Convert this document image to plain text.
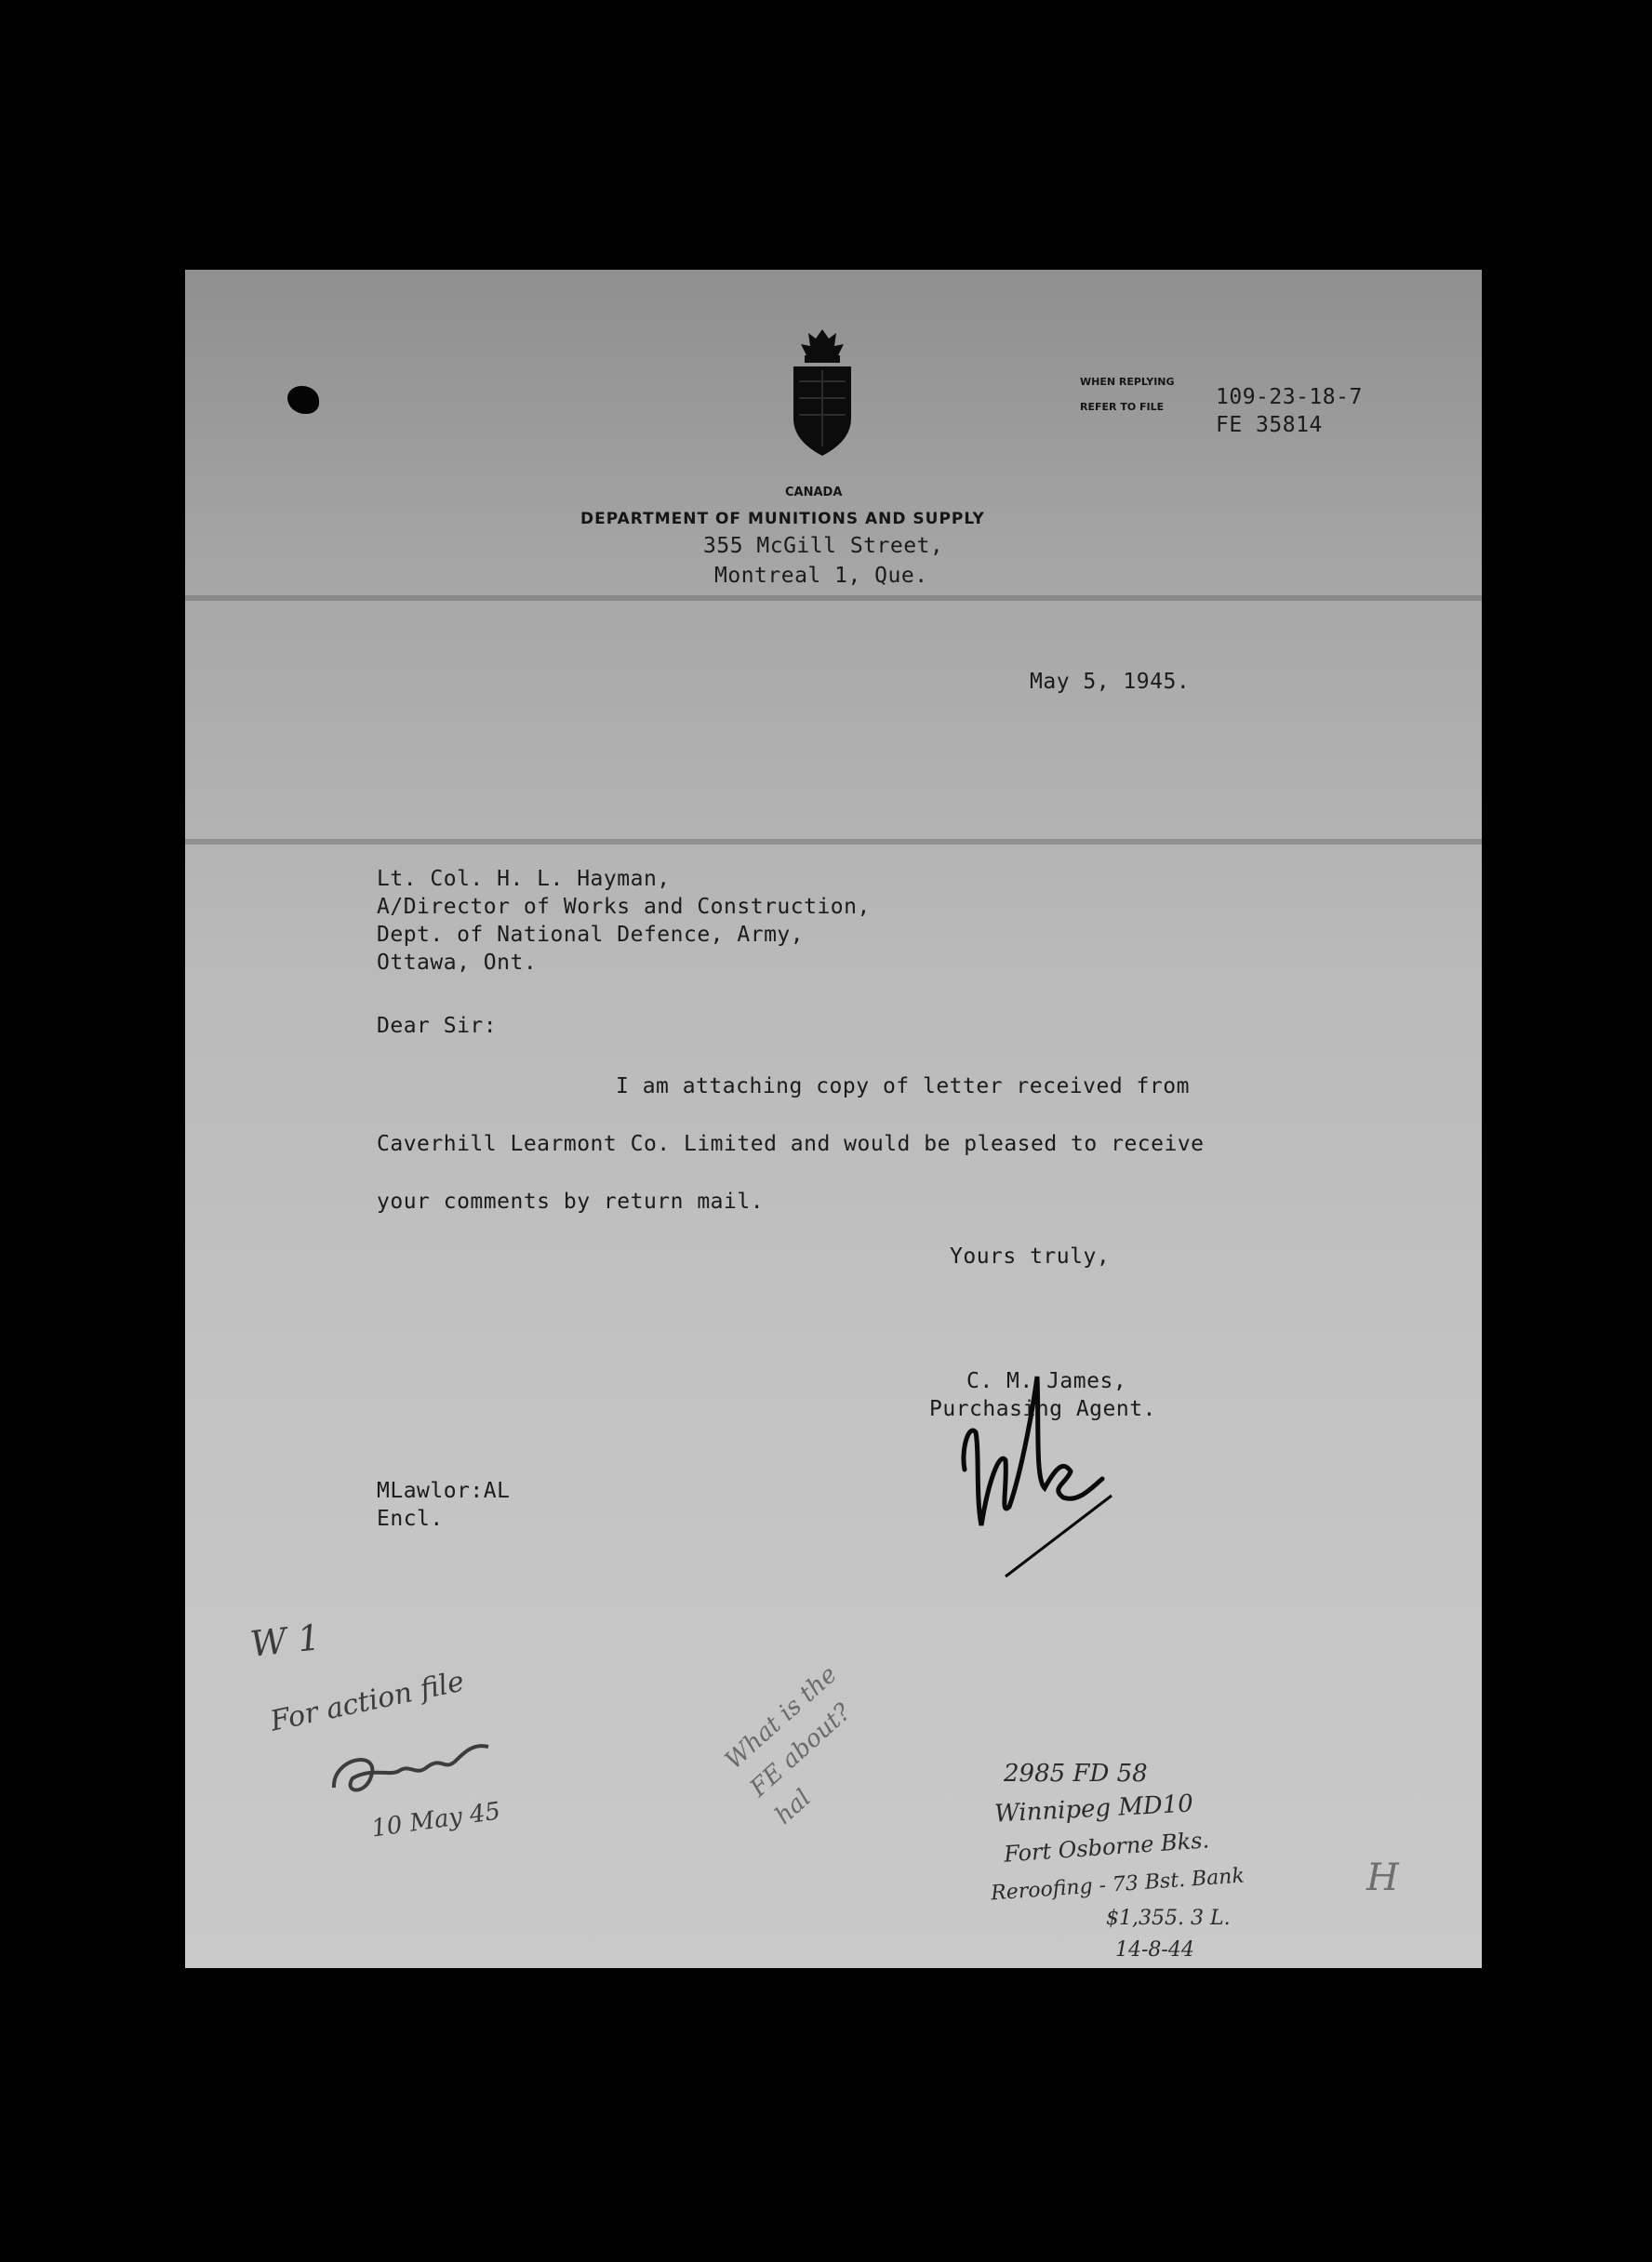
CANADA
DEPARTMENT OF MUNITIONS AND SUPPLY
355 McGill Street,
Montreal 1, Que.
WHEN REPLYING
REFER TO FILE 109-23-18-7
FE 35814
May 5, 1945.
Lt. Col. H. L. Hayman,
A/Director of Works and Construction,
Dept. of National Defence, Army,
Ottawa, Ont.
Dear Sir:
I am attaching copy of letter received from
Caverhill Learmont Co. Limited and would be pleased to receive
your comments by return mail.
Yours truly,
C. M. James,
Purchasing Agent.
MLawlor:AL
Encl.
W 1
For action file
10 May 45
What is the FE about? hal
2985 FD 58
Winnipeg MD10
Fort Osborne Bks.
Reroofing - 73 Bst. Bank
$1,355. 3 L.
14-8-44
H
